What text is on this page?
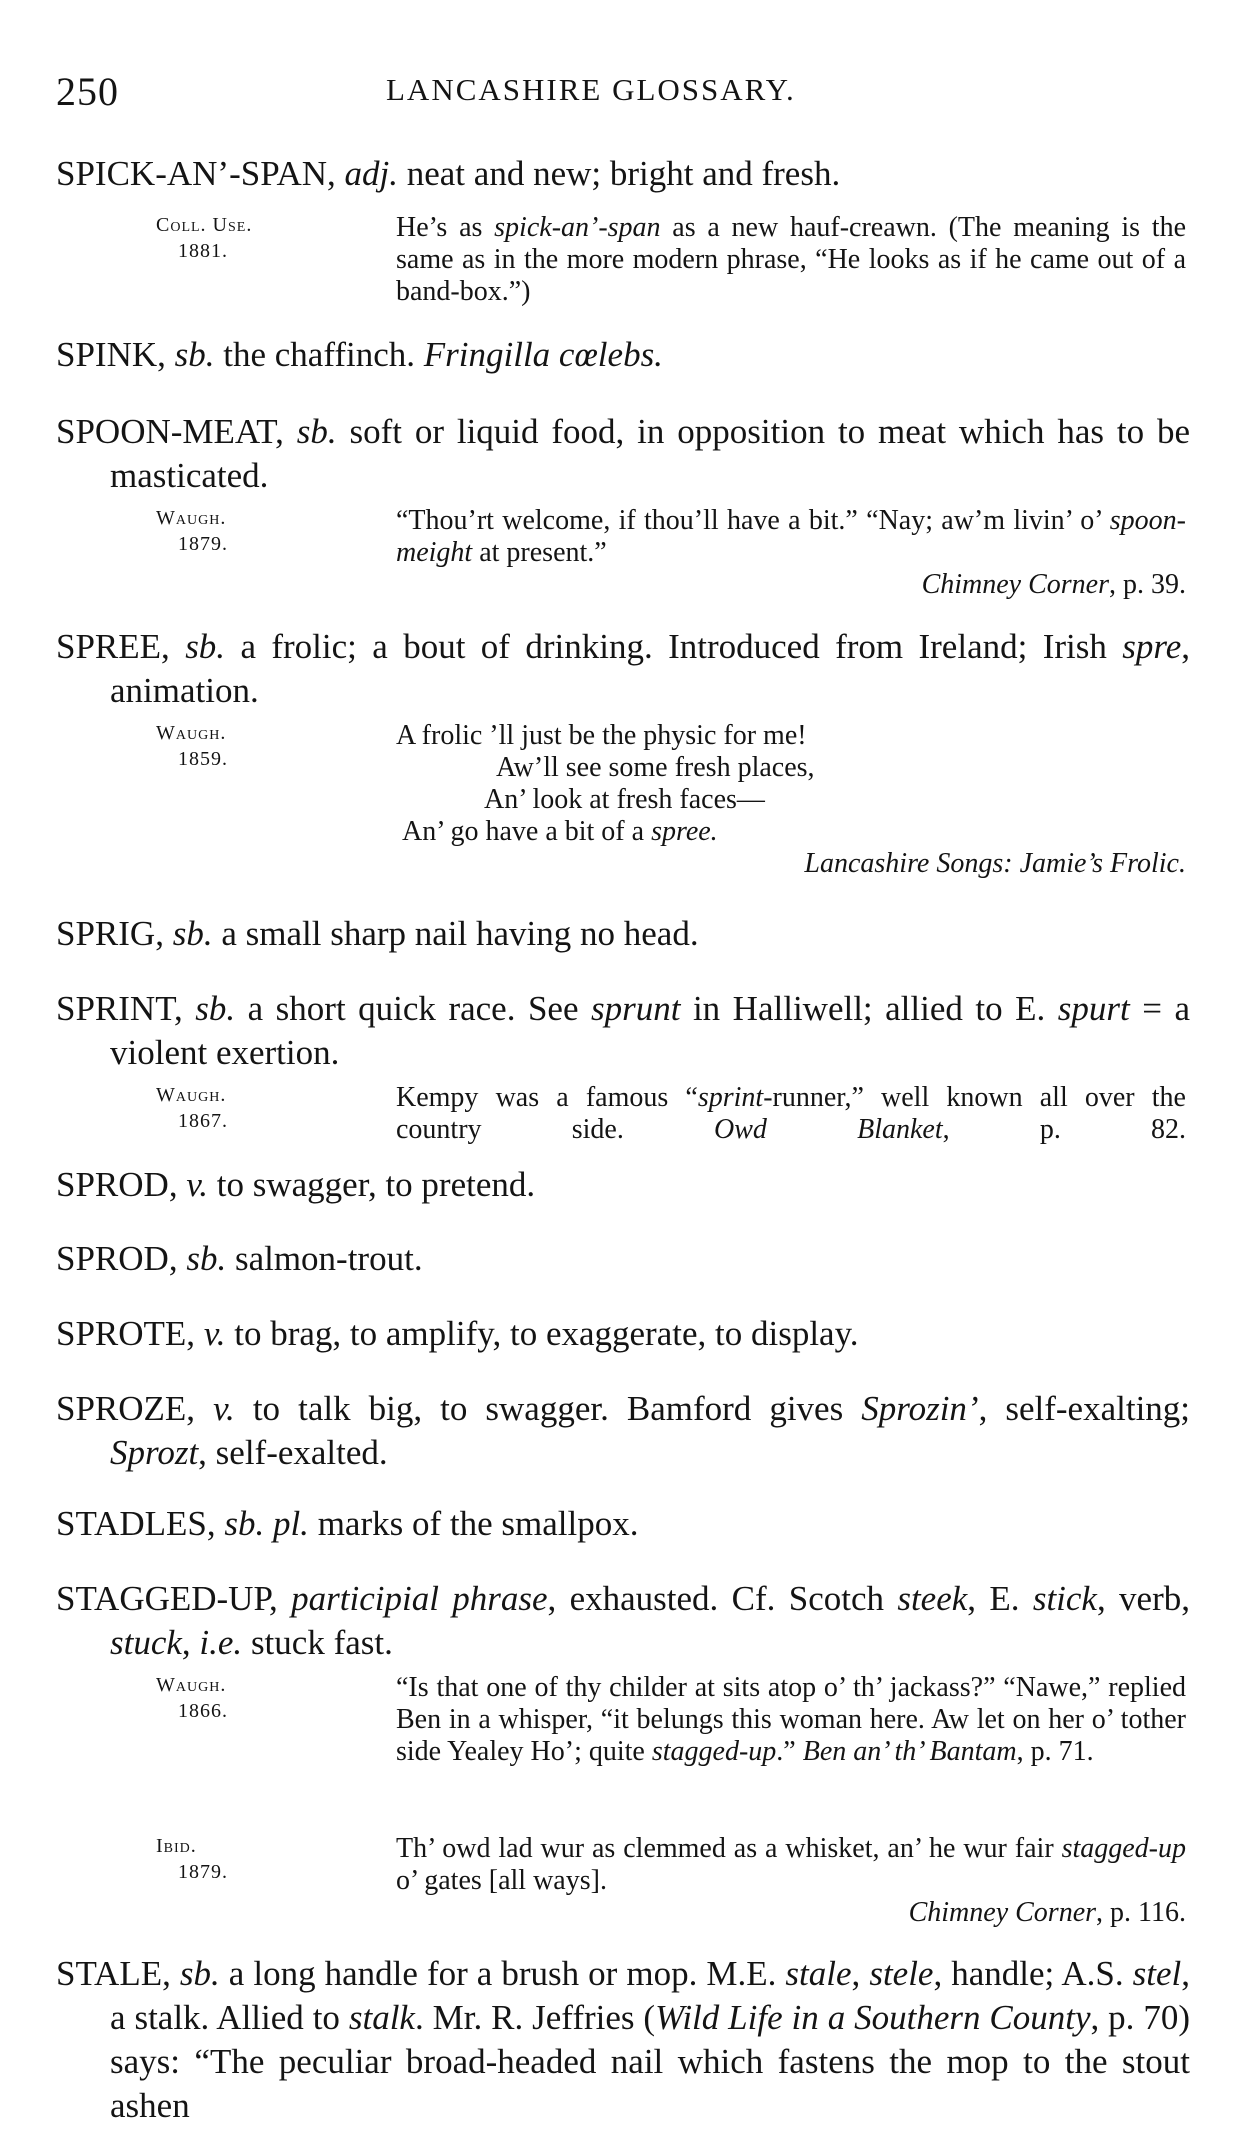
250	LANCASHIRE GLOSSARY.
SPICK-AN’-SPAN, adj. neat and new; bright and fresh.
Coll. Use.
1881.
He’s as spick-an’-span as a new hauf-creawn. (The meaning is the same as in the more modern phrase, “He looks as if he came out of a band-box.”)
SPINK, sb. the chaffinch. Fringilla cœlebs.
SPOON-MEAT, sb. soft or liquid food, in opposition to meat which has to be masticated.
Waugh.
1879.
“Thou’rt welcome, if thou’ll have a bit.” “Nay; aw’m livin’ o’ spoon-meight at present.”
Chimney Corner, p. 39.
SPREE, sb. a frolic; a bout of drinking. Introduced from Ireland; Irish spre, animation.
Waugh.
1859.
A frolic ’ll just be the physic for me!
Aw’ll see some fresh places,
An’ look at fresh faces—
An’ go have a bit of a spree.
Lancashire Songs: Jamie’s Frolic.
SPRIG, sb. a small sharp nail having no head.
SPRINT, sb. a short quick race. See sprunt in Halliwell; allied to E. spurt = a violent exertion.
Waugh.
1867.
Kempy was a famous “sprint-runner,” well known all over the country side. Owd Blanket, p. 82.
SPROD, v. to swagger, to pretend.
SPROD, sb. salmon-trout.
SPROTE, v. to brag, to amplify, to exaggerate, to display.
SPROZE, v. to talk big, to swagger. Bamford gives Sprozin’, self-exalting; Sprozt, self-exalted.
STADLES, sb. pl. marks of the smallpox.
STAGGED-UP, participial phrase, exhausted. Cf. Scotch steek, E. stick, verb, stuck, i.e. stuck fast.
Waugh.
1866.
“Is that one of thy childer at sits atop o’ th’ jackass?” “Nawe,” replied Ben in a whisper, “it belungs this woman here. Aw let on her o’ tother side Yealey Ho’; quite stagged-up.” Ben an’ th’ Bantam, p. 71.
Ibid.
1879.
Th’ owd lad wur as clemmed as a whisket, an’ he wur fair stagged-up o’ gates [all ways].
Chimney Corner, p. 116.
STALE, sb. a long handle for a brush or mop. M.E. stale, stele, handle; A.S. stel, a stalk. Allied to stalk. Mr. R. Jeffries (Wild Life in a Southern County, p. 70) says: “The peculiar broad-headed nail which fastens the mop to the stout ashen
